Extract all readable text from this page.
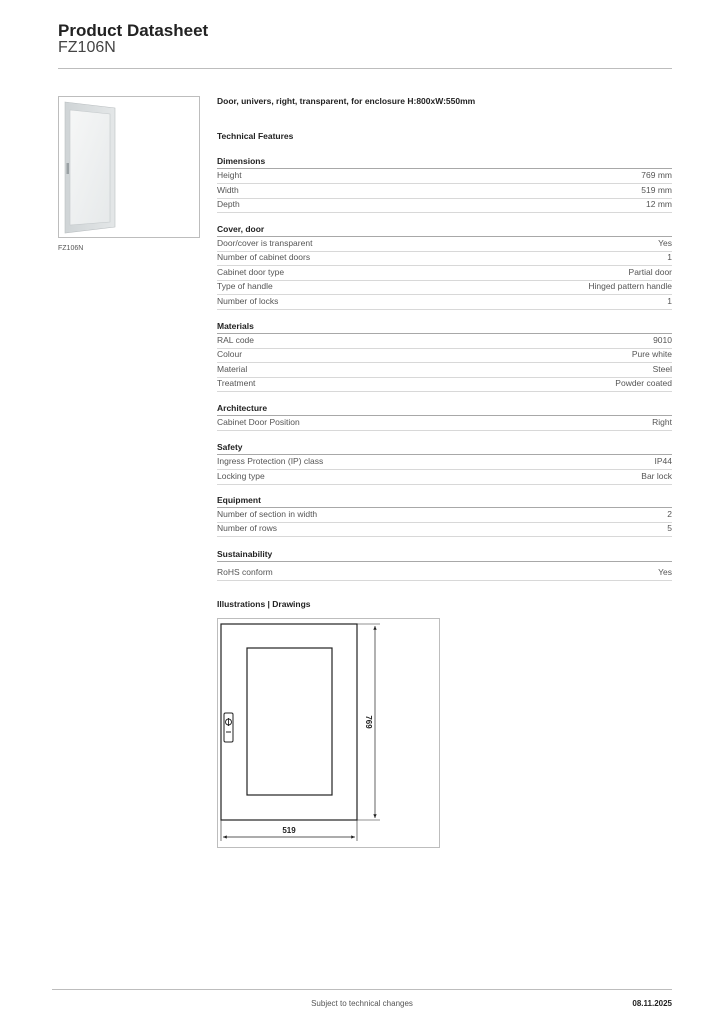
Product Datasheet
FZ106N
FZ106N
Door, univers, right, transparent, for enclosure H:800xW:550mm
Technical Features
Dimensions
Height	769 mm
Width	519 mm
Depth	12 mm
Cover, door
Door/cover is transparent	Yes
Number of cabinet doors	1
Cabinet door type	Partial door
Type of handle	Hinged pattern handle
Number of locks	1
Materials
RAL code	9010
Colour	Pure white
Material	Steel
Treatment	Powder coated
Architecture
Cabinet Door Position	Right
Safety
Ingress Protection (IP) class	IP44
Locking type	Bar lock
Equipment
Number of section in width	2
Number of rows	5
Sustainability
RoHS conform	Yes
Illustrations | Drawings
769
519
Subject to technical changes	08.11.2025
